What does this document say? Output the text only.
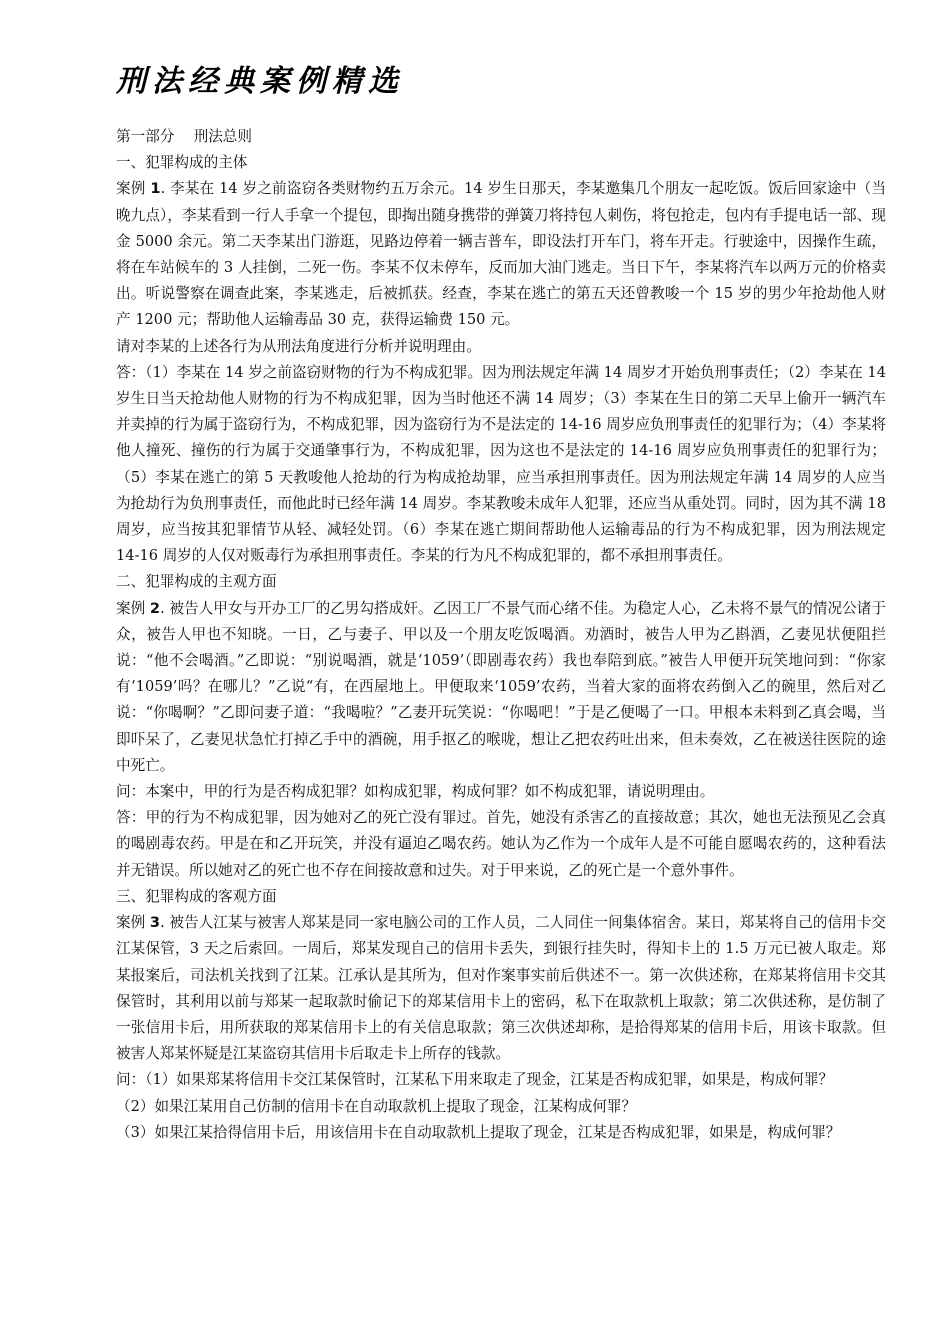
刑法经典案例精选

第一部分　 刑法总则

一、犯罪构成的主体

案例 1. 李某在 14 岁之前盗窃各类财物约五万余元。14 岁生日那天，李某邀集几个朋友一起吃饭。饭后回家途中（当晚九点），李某看到一行人手拿一个提包，即掏出随身携带的弹簧刀将持包人刺伤，将包抢走，包内有手提电话一部、现金 5000 余元。第二天李某出门游逛，见路边停着一辆吉普车，即设法打开车门，将车开走。行驶途中，因操作生疏，将在车站候车的 3 人挂倒，二死一伤。李某不仅未停车，反而加大油门逃走。当日下午，李某将汽车以两万元的价格卖出。听说警察在调查此案，李某逃走，后被抓获。经查，李某在逃亡的第五天还曾教唆一个 15 岁的男少年抢劫他人财产 1200 元；帮助他人运输毒品 30 克，获得运输费 150 元。

请对李某的上述各行为从刑法角度进行分析并说明理由。

答：（1）李某在 14 岁之前盗窃财物的行为不构成犯罪。因为刑法规定年满 14 周岁才开始负刑事责任；（2）李某在 14 岁生日当天抢劫他人财物的行为不构成犯罪，因为当时他还不满 14 周岁；（3）李某在生日的第二天早上偷开一辆汽车并卖掉的行为属于盗窃行为，不构成犯罪，因为盗窃行为不是法定的 14-16 周岁应负刑事责任的犯罪行为；（4）李某将他人撞死、撞伤的行为属于交通肇事行为，不构成犯罪，因为这也不是法定的 14-16 周岁应负刑事责任的犯罪行为；（5）李某在逃亡的第 5 天教唆他人抢劫的行为构成抢劫罪，应当承担刑事责任。因为刑法规定年满 14 周岁的人应当为抢劫行为负刑事责任，而他此时已经年满 14 周岁。李某教唆未成年人犯罪，还应当从重处罚。同时，因为其不满 18 周岁，应当按其犯罪情节从轻、减轻处罚。（6）李某在逃亡期间帮助他人运输毒品的行为不构成犯罪，因为刑法规定 14-16 周岁的人仅对贩毒行为承担刑事责任。李某的行为凡不构成犯罪的，都不承担刑事责任。

二、犯罪构成的主观方面

案例 2. 被告人甲女与开办工厂的乙男勾搭成奸。乙因工厂不景气而心绪不佳。为稳定人心，乙未将不景气的情况公诸于众，被告人甲也不知晓。一日，乙与妻子、甲以及一个朋友吃饭喝酒。劝酒时，被告人甲为乙斟酒，乙妻见状便阻拦说：“他不会喝酒。”乙即说：“别说喝酒，就是‘1059’（即剧毒农药）我也奉陪到底。”被告人甲便开玩笑地问到：“你家有‘1059’吗？在哪儿？”乙说“有，在西屋地上。甲便取来‘1059’农药，当着大家的面将农药倒入乙的碗里，然后对乙说：“你喝啊？”乙即问妻子道：“我喝啦？”乙妻开玩笑说：“你喝吧！”于是乙便喝了一口。甲根本未料到乙真会喝，当即吓呆了，乙妻见状急忙打掉乙手中的酒碗，用手抠乙的喉咙，想让乙把农药吐出来，但未奏效，乙在被送往医院的途中死亡。

问：本案中，甲的行为是否构成犯罪？如构成犯罪，构成何罪？如不构成犯罪，请说明理由。

答：甲的行为不构成犯罪，因为她对乙的死亡没有罪过。首先，她没有杀害乙的直接故意；其次，她也无法预见乙会真的喝剧毒农药。甲是在和乙开玩笑，并没有逼迫乙喝农药。她认为乙作为一个成年人是不可能自愿喝农药的，这种看法并无错误。所以她对乙的死亡也不存在间接故意和过失。对于甲来说，乙的死亡是一个意外事件。

三、犯罪构成的客观方面

案例 3. 被告人江某与被害人郑某是同一家电脑公司的工作人员，二人同住一间集体宿舍。某日，郑某将自己的信用卡交江某保管，3 天之后索回。一周后，郑某发现自己的信用卡丢失，到银行挂失时，得知卡上的 1.5 万元已被人取走。郑某报案后，司法机关找到了江某。江承认是其所为，但对作案事实前后供述不一。第一次供述称，在郑某将信用卡交其保管时，其利用以前与郑某一起取款时偷记下的郑某信用卡上的密码，私下在取款机上取款；第二次供述称，是仿制了一张信用卡后，用所获取的郑某信用卡上的有关信息取款；第三次供述却称，是拾得郑某的信用卡后，用该卡取款。但被害人郑某怀疑是江某盗窃其信用卡后取走卡上所存的钱款。

问：（1）如果郑某将信用卡交江某保管时，江某私下用来取走了现金，江某是否构成犯罪，如果是，构成何罪？

（2）如果江某用自己仿制的信用卡在自动取款机上提取了现金，江某构成何罪？

（3）如果江某拾得信用卡后，用该信用卡在自动取款机上提取了现金，江某是否构成犯罪，如果是，构成何罪？
